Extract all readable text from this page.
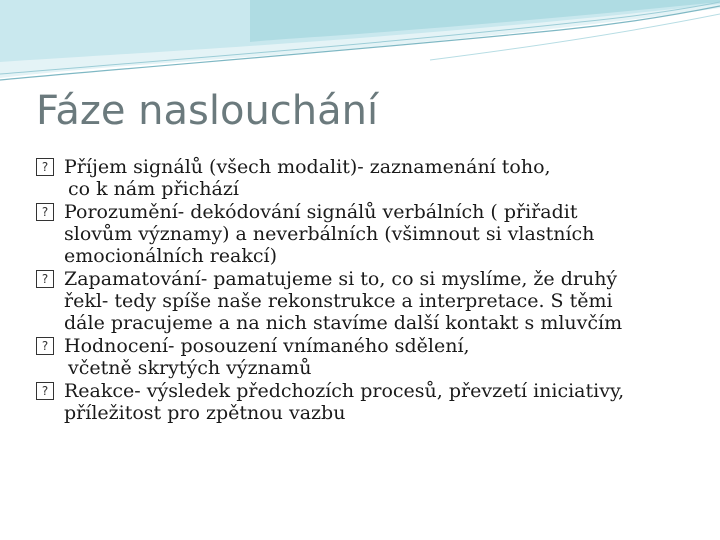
Fáze naslouchání
? Příjem signálů (všech modalit)- zaznamenání toho,
co k nám přichází
? Porozumění- dekódování signálů verbálních ( přiřadit
slovům významy) a neverbálních (všimnout si vlastních
emocionálních reakcí)
? Zapamatování- pamatujeme si to, co si myslíme, že druhý
řekl- tedy spíše naše rekonstrukce a interpretace. S těmi
dále pracujeme a na nich stavíme další kontakt s mluvčím
? Hodnocení- posouzení vnímaného sdělení,
včetně skrytých významů
? Reakce- výsledek předchozích procesů, převzetí iniciativy,
příležitost pro zpětnou vazbu
